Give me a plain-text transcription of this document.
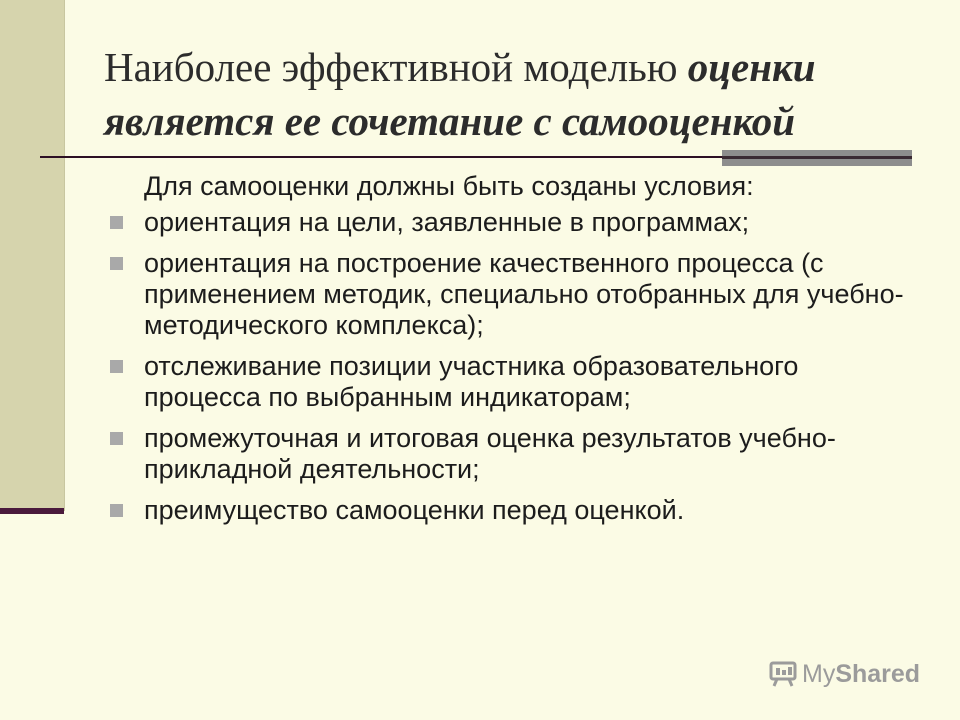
Наиболее эффективной моделью оценки
является ее сочетание с самооценкой
Для самооценки должны быть созданы условия:
ориентация на цели, заявленные в программах;
ориентация на построение качественного процесса (с применением методик, специально отобранных для учебно-методического комплекса);
отслеживание позиции участника образовательного процесса по выбранным индикаторам;
промежуточная и итоговая оценка результатов учебно-прикладной деятельности;
преимущество самооценки перед оценкой.
MyShared
